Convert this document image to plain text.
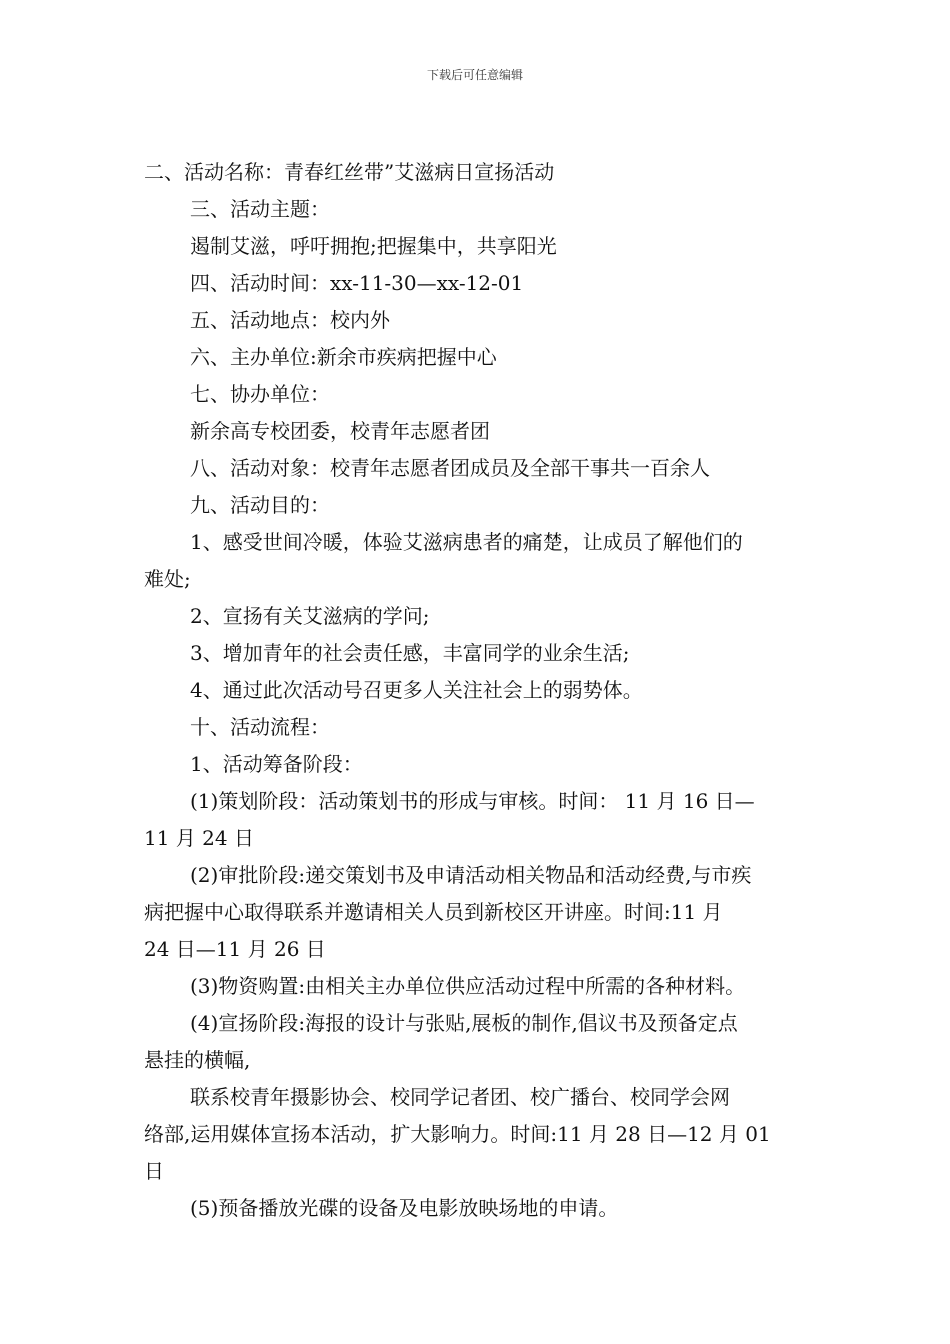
下载后可任意编辑
二、活动名称：青春红丝带”艾滋病日宣扬活动
三、活动主题：
遏制艾滋，呼吁拥抱;把握集中，共享阳光
四、活动时间：xx-11-30—xx-12-01
五、活动地点：校内外
六、主办单位:新余市疾病把握中心
七、协办单位：
新余高专校团委，校青年志愿者团
八、活动对象：校青年志愿者团成员及全部干事共一百余人
九、活动目的：
1、感受世间冷暖，体验艾滋病患者的痛楚，让成员了解他们的
难处;
2、宣扬有关艾滋病的学问;
3、增加青年的社会责任感，丰富同学的业余生活;
4、通过此次活动号召更多人关注社会上的弱势体。
十、活动流程：
1、活动筹备阶段：
(1)策划阶段：活动策划书的形成与审核。时间： 11 月 16 日—
11 月 24 日
(2)审批阶段:递交策划书及申请活动相关物品和活动经费,与市疾
病把握中心取得联系并邀请相关人员到新校区开讲座。时间:11 月
24 日—11 月 26 日
(3)物资购置:由相关主办单位供应活动过程中所需的各种材料。
(4)宣扬阶段:海报的设计与张贴,展板的制作,倡议书及预备定点
悬挂的横幅,
联系校青年摄影协会、校同学记者团、校广播台、校同学会网
络部,运用媒体宣扬本活动，扩大影响力。时间:11 月 28 日—12 月 01
日
(5)预备播放光碟的设备及电影放映场地的申请。
